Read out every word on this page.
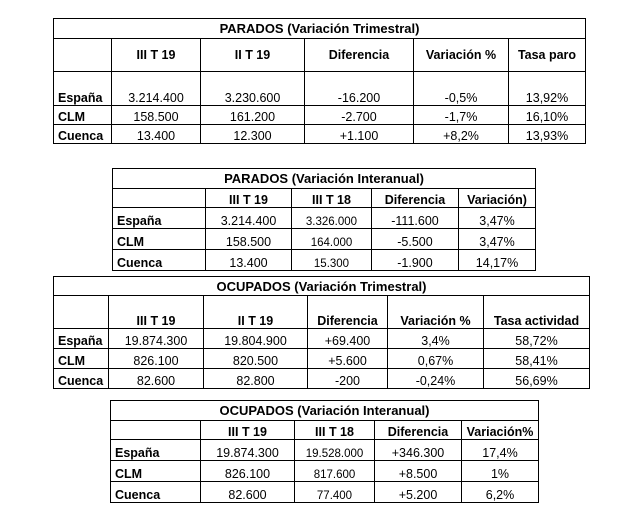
PARADOS (Variación Trimestral)					
	III T 19	II T 19	Diferencia	Variación %	Tasa paro
España	3.214.400	3.230.600	-16.200	-0,5%	13,92%
CLM	158.500	161.200	-2.700	-1,7%	16,10%
Cuenca	13.400	12.300	+1.100	+8,2%	13,93%
PARADOS (Variación Interanual)				
	III T 19	III T 18	Diferencia	Variación)
España	3.214.400	3.326.000	-111.600	3,47%
CLM	158.500	164.000	-5.500	3,47%
Cuenca	13.400	15.300	-1.900	14,17%
OCUPADOS (Variación Trimestral)					
	III T 19	II T 19	Diferencia	Variación %	Tasa actividad
España	19.874.300	19.804.900	+69.400	3,4%	58,72%
CLM	826.100	820.500	+5.600	0,67%	58,41%
Cuenca	82.600	82.800	-200	-0,24%	56,69%
OCUPADOS (Variación Interanual)				
	III T 19	III T 18	Diferencia	Variación%
España	19.874.300	19.528.000	+346.300	17,4%
CLM	826.100	817.600	+8.500	1%
Cuenca	82.600	77.400	+5.200	6,2%
